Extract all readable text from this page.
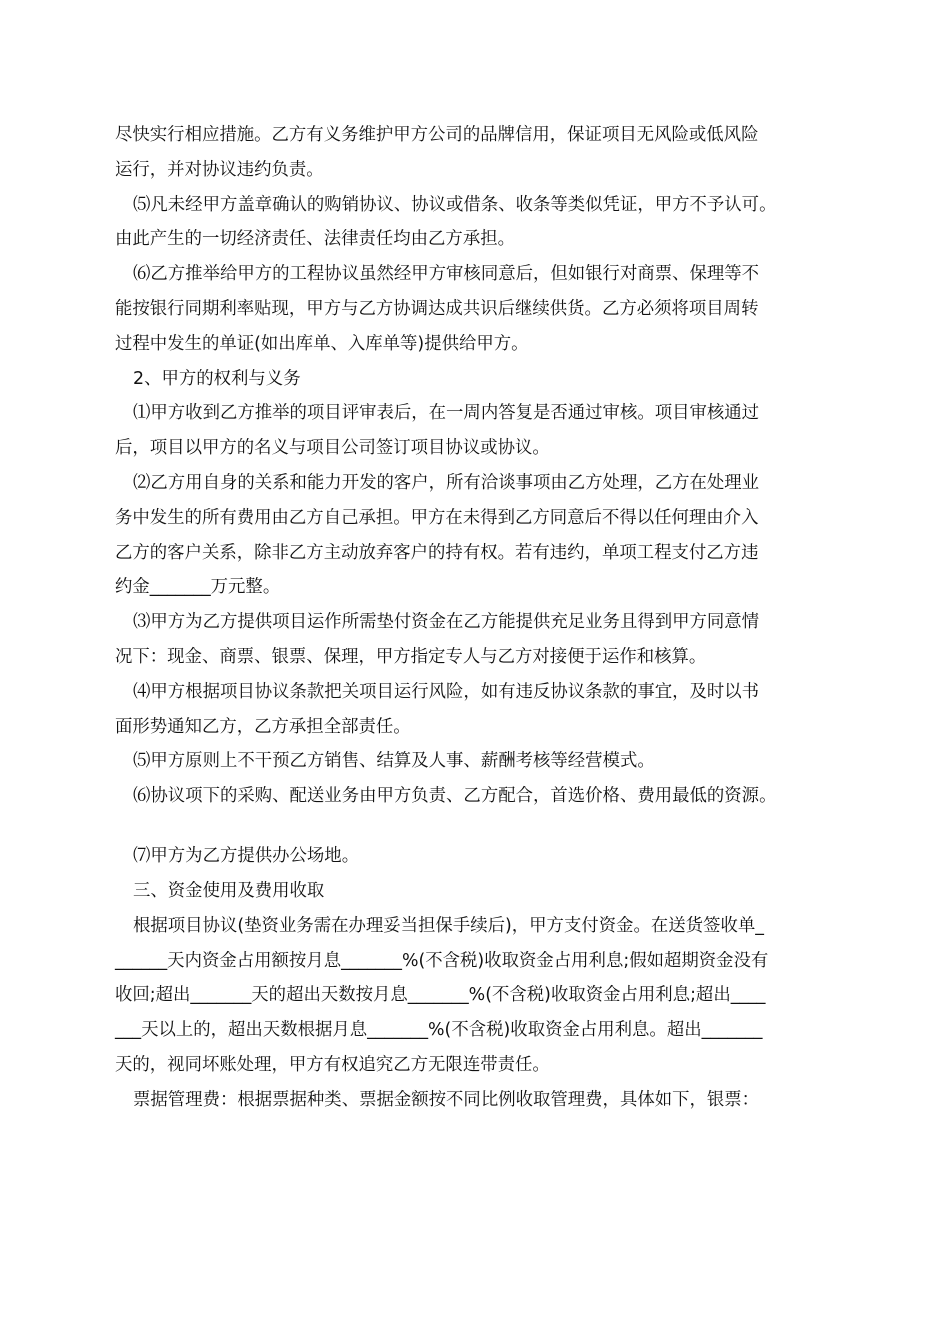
尽快实行相应措施。乙方有义务维护甲方公司的品牌信用，保证项目无风险或低风险
运行，并对协议违约负责。
⑸凡未经甲方盖章确认的购销协议、协议或借条、收条等类似凭证，甲方不予认可。
由此产生的一切经济责任、法律责任均由乙方承担。
⑹乙方推举给甲方的工程协议虽然经甲方审核同意后，但如银行对商票、保理等不
能按银行同期利率贴现，甲方与乙方协调达成共识后继续供货。乙方必须将项目周转
过程中发生的单证(如出库单、入库单等)提供给甲方。
2、甲方的权利与义务
⑴甲方收到乙方推举的项目评审表后，在一周内答复是否通过审核。项目审核通过
后，项目以甲方的名义与项目公司签订项目协议或协议。
⑵乙方用自身的关系和能力开发的客户，所有洽谈事项由乙方处理，乙方在处理业
务中发生的所有费用由乙方自己承担。甲方在未得到乙方同意后不得以任何理由介入
乙方的客户关系，除非乙方主动放弃客户的持有权。若有违约，单项工程支付乙方违
约金_______万元整。
⑶甲方为乙方提供项目运作所需垫付资金在乙方能提供充足业务且得到甲方同意情
况下：现金、商票、银票、保理，甲方指定专人与乙方对接便于运作和核算。
⑷甲方根据项目协议条款把关项目运行风险，如有违反协议条款的事宜，及时以书
面形势通知乙方，乙方承担全部责任。
⑸甲方原则上不干预乙方销售、结算及人事、薪酬考核等经营模式。
⑹协议项下的采购、配送业务由甲方负责、乙方配合，首选价格、费用最低的资源。
⑺甲方为乙方提供办公场地。
三、资金使用及费用收取
根据项目协议(垫资业务需在办理妥当担保手续后)，甲方支付资金。在送货签收单_
______天内资金占用额按月息_______%(不含税)收取资金占用利息;假如超期资金没有
收回;超出_______天的超出天数按月息_______%(不含税)收取资金占用利息;超出____
___天以上的，超出天数根据月息_______%(不含税)收取资金占用利息。超出_______
天的，视同坏账处理，甲方有权追究乙方无限连带责任。
票据管理费：根据票据种类、票据金额按不同比例收取管理费，具体如下，银票：
